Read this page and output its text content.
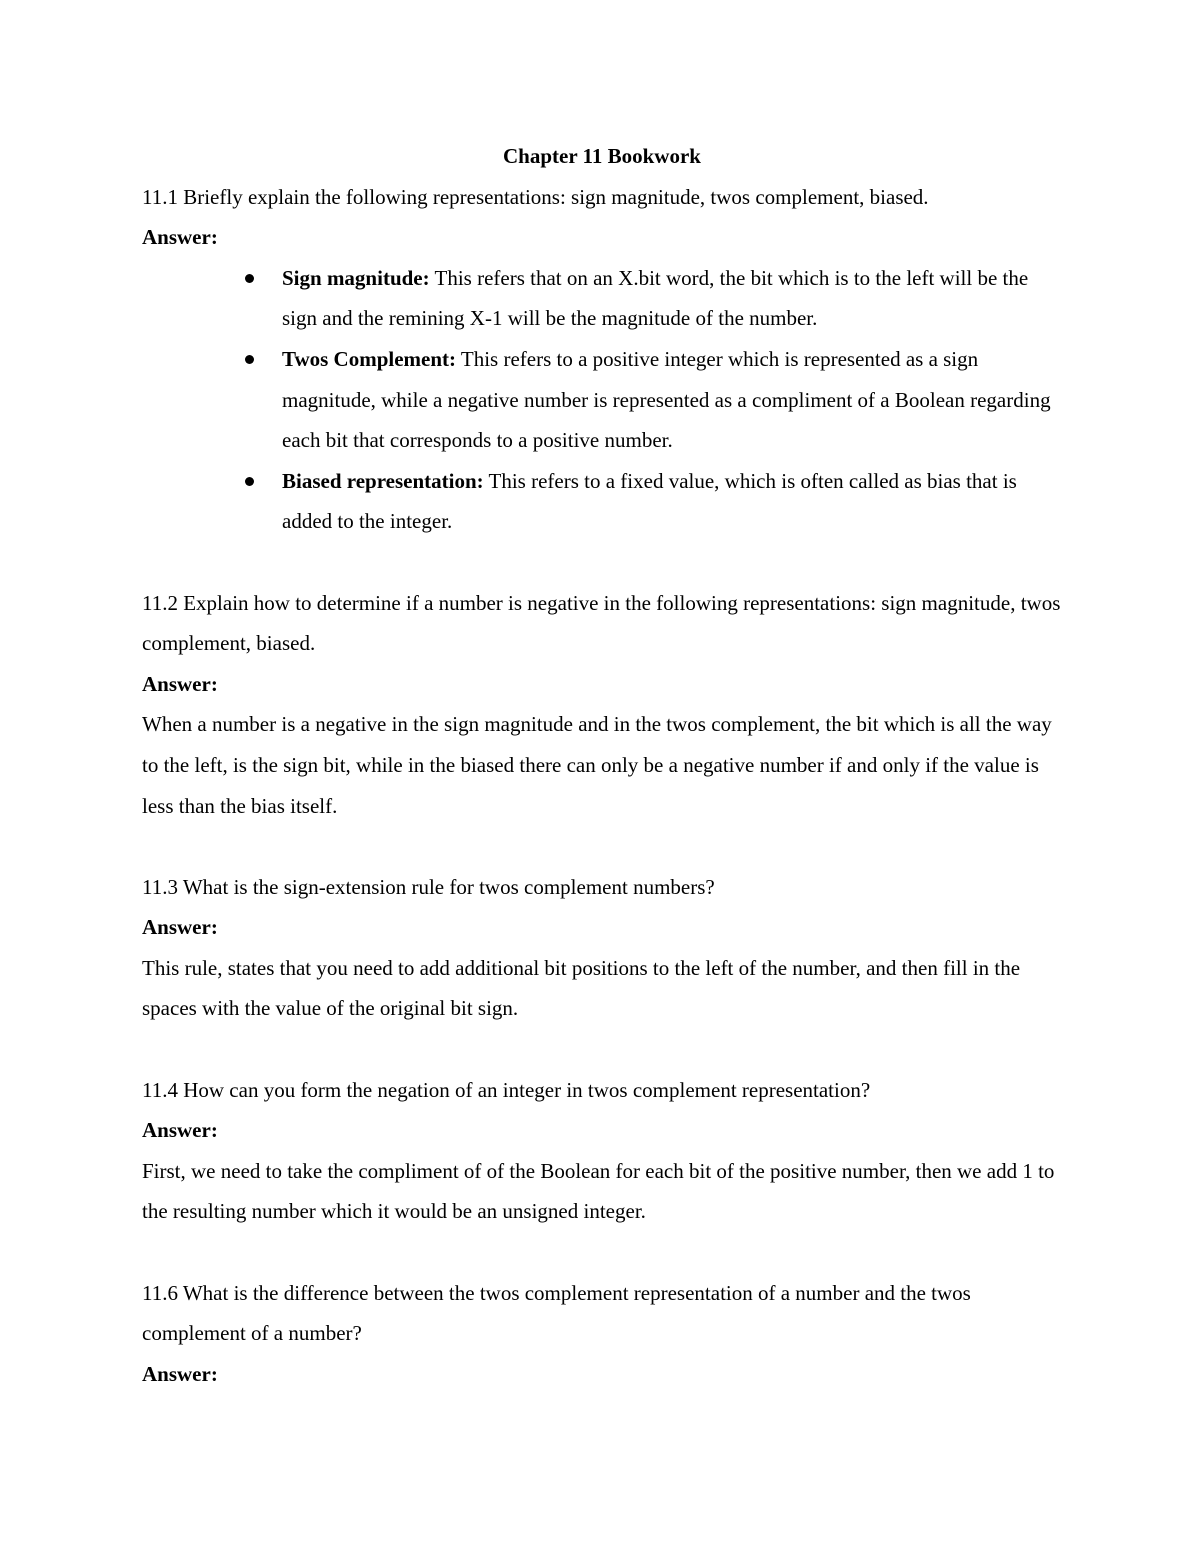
Chapter 11 Bookwork

11.1 Briefly explain the following representations: sign magnitude, twos complement, biased.

Answer:

Sign magnitude: This refers that on an X.bit word, the bit which is to the left will be the sign and the remining X-1 will be the magnitude of the number.
Twos Complement: This refers to a positive integer which is represented as a sign magnitude, while a negative number is represented as a compliment of a Boolean regarding each bit that corresponds to a positive number.
Biased representation: This refers to a fixed value, which is often called as bias that is added to the integer.

11.2 Explain how to determine if a number is negative in the following representations: sign magnitude, twos complement, biased.

Answer:

When a number is a negative in the sign magnitude and in the twos complement, the bit which is all the way to the left, is the sign bit, while in the biased there can only be a negative number if and only if the value is less than the bias itself.

11.3 What is the sign-extension rule for twos complement numbers?

Answer:

This rule, states that you need to add additional bit positions to the left of the number, and then fill in the spaces with the value of the original bit sign.

11.4 How can you form the negation of an integer in twos complement representation?

Answer:

First, we need to take the compliment of of the Boolean for each bit of the positive number, then we add 1 to the resulting number which it would be an unsigned integer.

11.6 What is the difference between the twos complement representation of a number and the twos complement of a number?

Answer:
